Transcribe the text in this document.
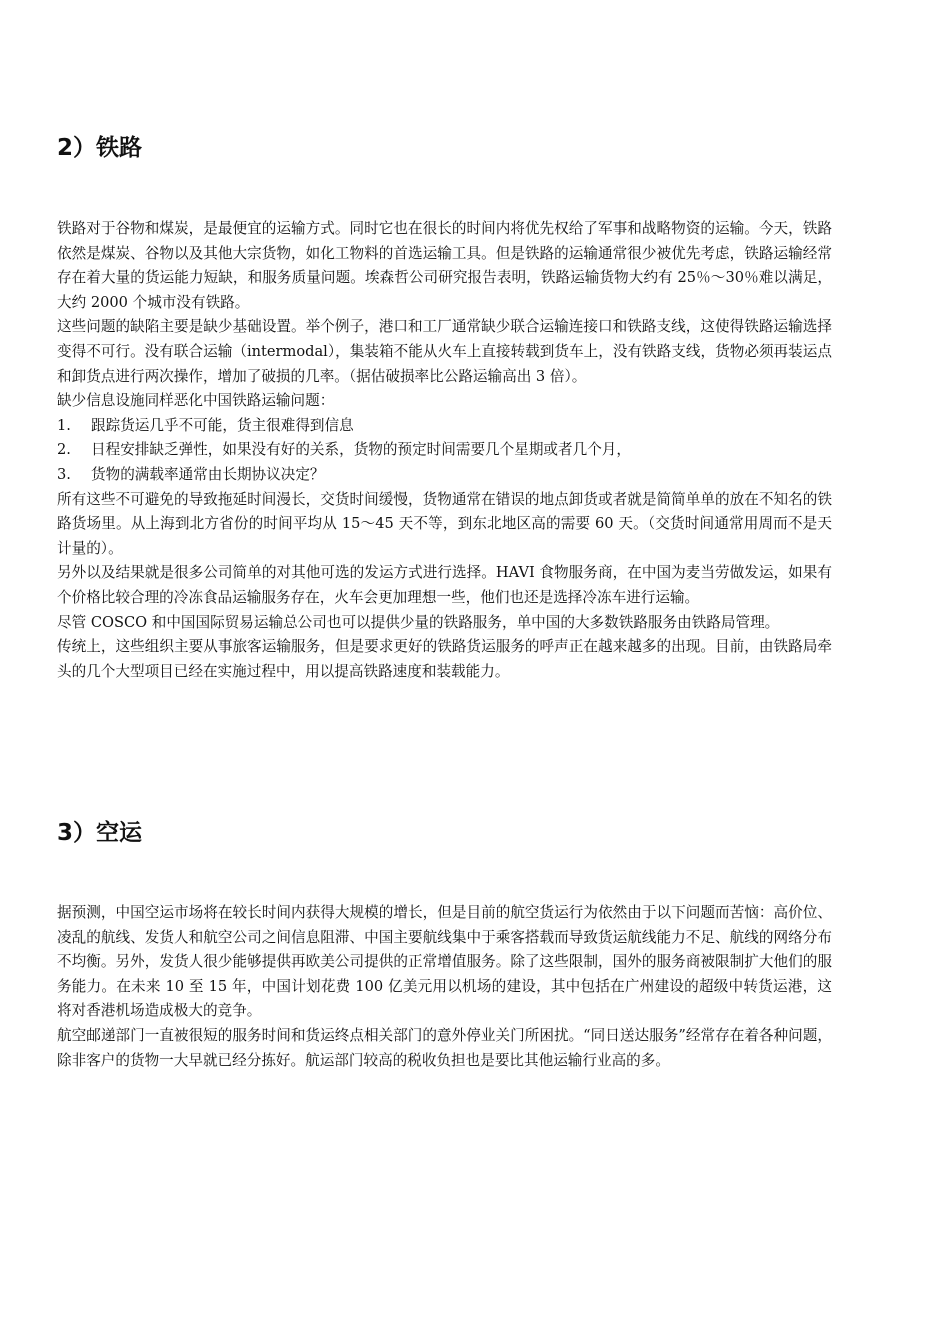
2）铁路

铁路对于谷物和煤炭，是最便宜的运输方式。同时它也在很长的时间内将优先权给了军事和战略物资的运输。今天，铁路依然是煤炭、谷物以及其他大宗货物，如化工物料的首选运输工具。但是铁路的运输通常很少被优先考虑，铁路运输经常存在着大量的货运能力短缺，和服务质量问题。埃森哲公司研究报告表明，铁路运输货物大约有 25％～30％难以满足，大约 2000 个城市没有铁路。

这些问题的缺陷主要是缺少基础设置。举个例子，港口和工厂通常缺少联合运输连接口和铁路支线，这使得铁路运输选择变得不可行。没有联合运输（intermodal），集装箱不能从火车上直接转载到货车上，没有铁路支线，货物必须再装运点和卸货点进行两次操作，增加了破损的几率。（据估破损率比公路运输高出 3 倍）。

缺少信息设施同样恶化中国铁路运输问题：

1.	跟踪货运几乎不可能，货主很难得到信息
2.	日程安排缺乏弹性，如果没有好的关系，货物的预定时间需要几个星期或者几个月，
3.	货物的满载率通常由长期协议决定？

所有这些不可避免的导致拖延时间漫长，交货时间缓慢，货物通常在错误的地点卸货或者就是简简单单的放在不知名的铁路货场里。从上海到北方省份的时间平均从 15～45 天不等，到东北地区高的需要 60 天。（交货时间通常用周而不是天计量的）。

另外以及结果就是很多公司简单的对其他可选的发运方式进行选择。HAVI 食物服务商，在中国为麦当劳做发运，如果有个价格比较合理的冷冻食品运输服务存在，火车会更加理想一些，他们也还是选择冷冻车进行运输。

尽管 COSCO 和中国国际贸易运输总公司也可以提供少量的铁路服务，单中国的大多数铁路服务由铁路局管理。

传统上，这些组织主要从事旅客运输服务，但是要求更好的铁路货运服务的呼声正在越来越多的出现。目前，由铁路局牵头的几个大型项目已经在实施过程中，用以提高铁路速度和装载能力。

3）空运

据预测，中国空运市场将在较长时间内获得大规模的增长，但是目前的航空货运行为依然由于以下问题而苦恼：高价位、凌乱的航线、发货人和航空公司之间信息阻滞、中国主要航线集中于乘客搭载而导致货运航线能力不足、航线的网络分布不均衡。另外，发货人很少能够提供再欧美公司提供的正常增值服务。除了这些限制，国外的服务商被限制扩大他们的服务能力。在未来 10 至 15 年，中国计划花费 100 亿美元用以机场的建设，其中包括在广州建设的超级中转货运港，这将对香港机场造成极大的竞争。

航空邮递部门一直被很短的服务时间和货运终点相关部门的意外停业关门所困扰。“同日送达服务”经常存在着各种问题，除非客户的货物一大早就已经分拣好。航运部门较高的税收负担也是要比其他运输行业高的多。
